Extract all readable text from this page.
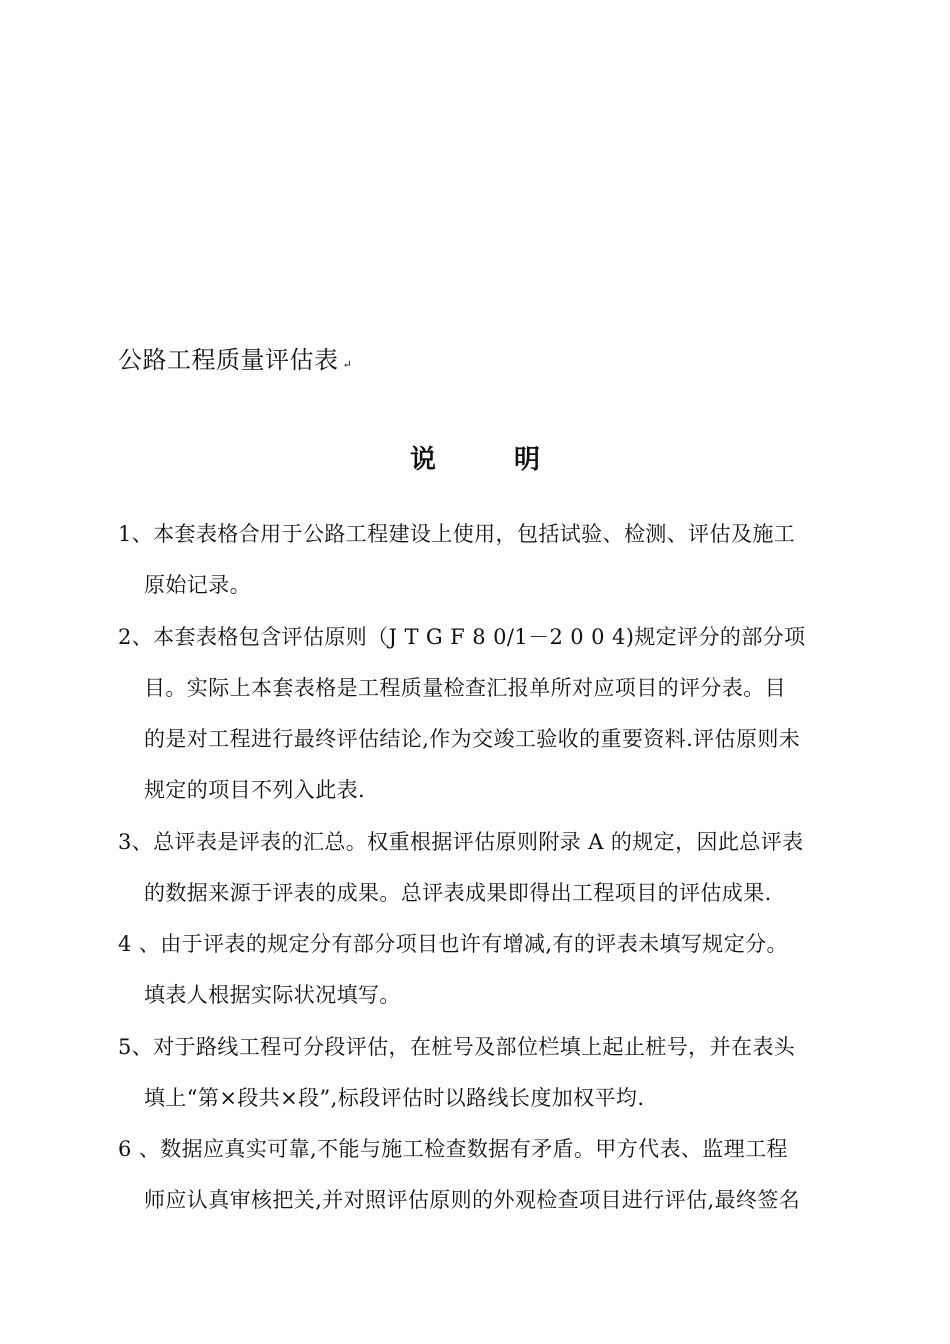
公路工程质量评估表 ↵
说	明
1、本套表格合用于公路工程建设上使用，包括试验、检测、评估及施工
原始记录。
2、本套表格包含评估原则（J T G F 8 0/1－2 0 0 4)规定评分的部分项
目。实际上本套表格是工程质量检查汇报单所对应项目的评分表。目
的是对工程进行最终评估结论,作为交竣工验收的重要资料.评估原则未
规定的项目不列入此表.
3、总评表是评表的汇总。权重根据评估原则附录 A 的规定，因此总评表
的数据来源于评表的成果。总评表成果即得出工程项目的评估成果.
4 、由于评表的规定分有部分项目也许有增减,有的评表未填写规定分。
填表人根据实际状况填写。
5、对于路线工程可分段评估，在桩号及部位栏填上起止桩号，并在表头
填上“第×段共×段”,标段评估时以路线长度加权平均.
6 、数据应真实可靠,不能与施工检查数据有矛盾。甲方代表、监理工程
师应认真审核把关,并对照评估原则的外观检查项目进行评估,最终签名
